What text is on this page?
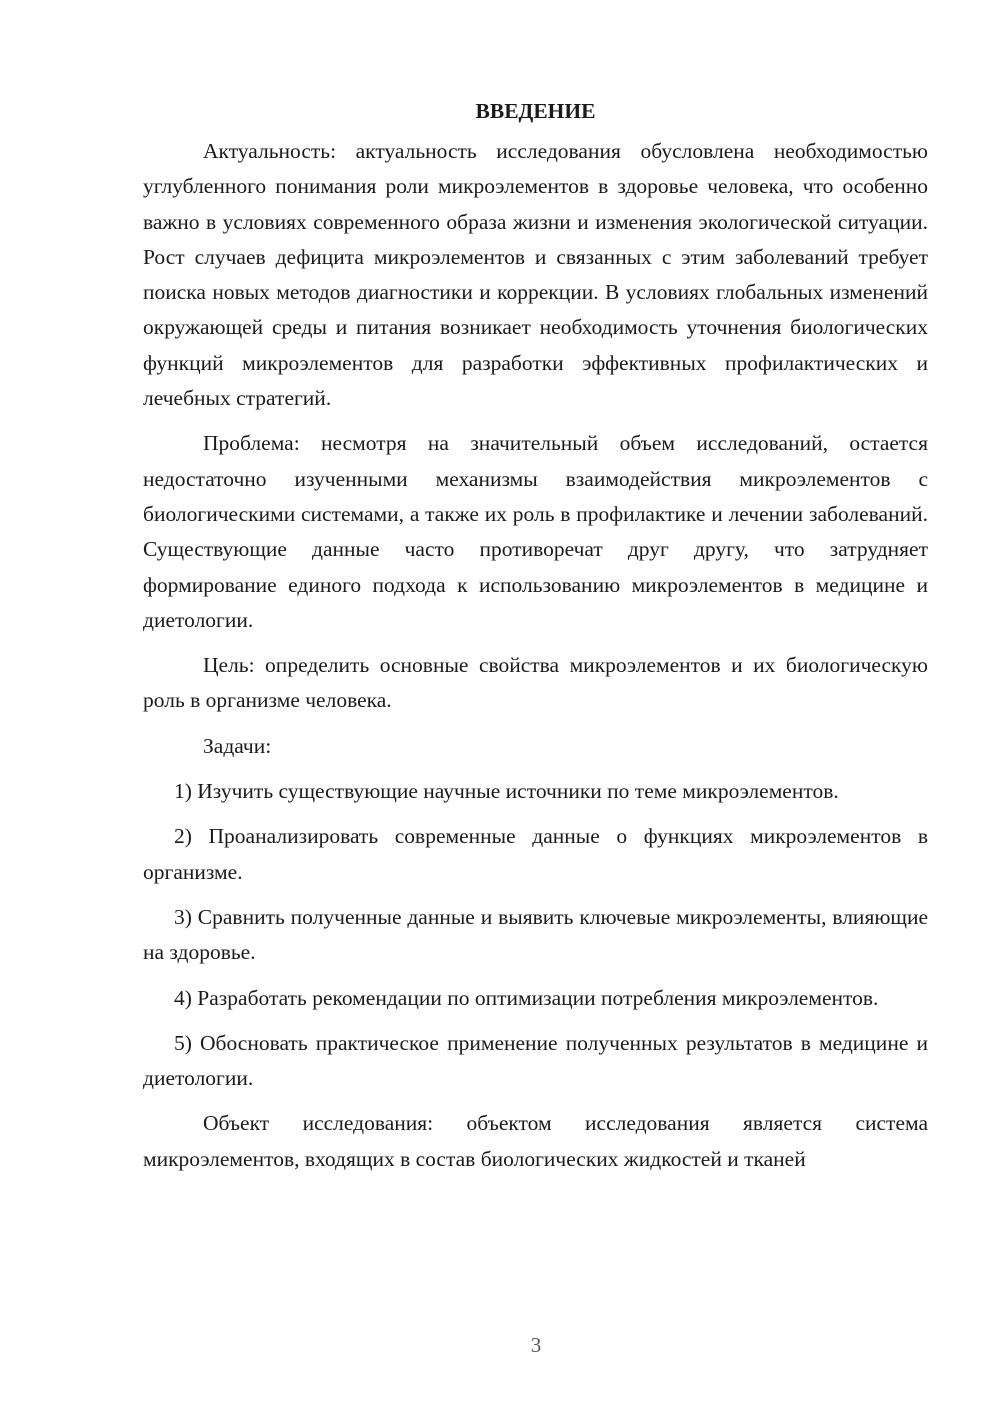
ВВЕДЕНИЕ

Актуальность: актуальность исследования обусловлена необходимостью углубленного понимания роли микроэлементов в здоровье человека, что особенно важно в условиях современного образа жизни и изменения экологической ситуации. Рост случаев дефицита микроэлементов и связанных с этим заболеваний требует поиска новых методов диагностики и коррекции. В условиях глобальных изменений окружающей среды и питания возникает необходимость уточнения биологических функций микроэлементов для разработки эффективных профилактических и лечебных стратегий.

Проблема: несмотря на значительный объем исследований, остается недостаточно изученными механизмы взаимодействия микроэлементов с биологическими системами, а также их роль в профилактике и лечении заболеваний. Существующие данные часто противоречат друг другу, что затрудняет формирование единого подхода к использованию микроэлементов в медицине и диетологии.

Цель: определить основные свойства микроэлементов и их биологическую роль в организме человека.

Задачи:

1) Изучить существующие научные источники по теме микроэлементов.

2) Проанализировать современные данные о функциях микроэлементов в организме.

3) Сравнить полученные данные и выявить ключевые микроэлементы, влияющие на здоровье.

4) Разработать рекомендации по оптимизации потребления микроэлементов.

5) Обосновать практическое применение полученных результатов в медицине и диетологии.

Объект исследования: объектом исследования является система микроэлементов, входящих в состав биологических жидкостей и тканей

3
